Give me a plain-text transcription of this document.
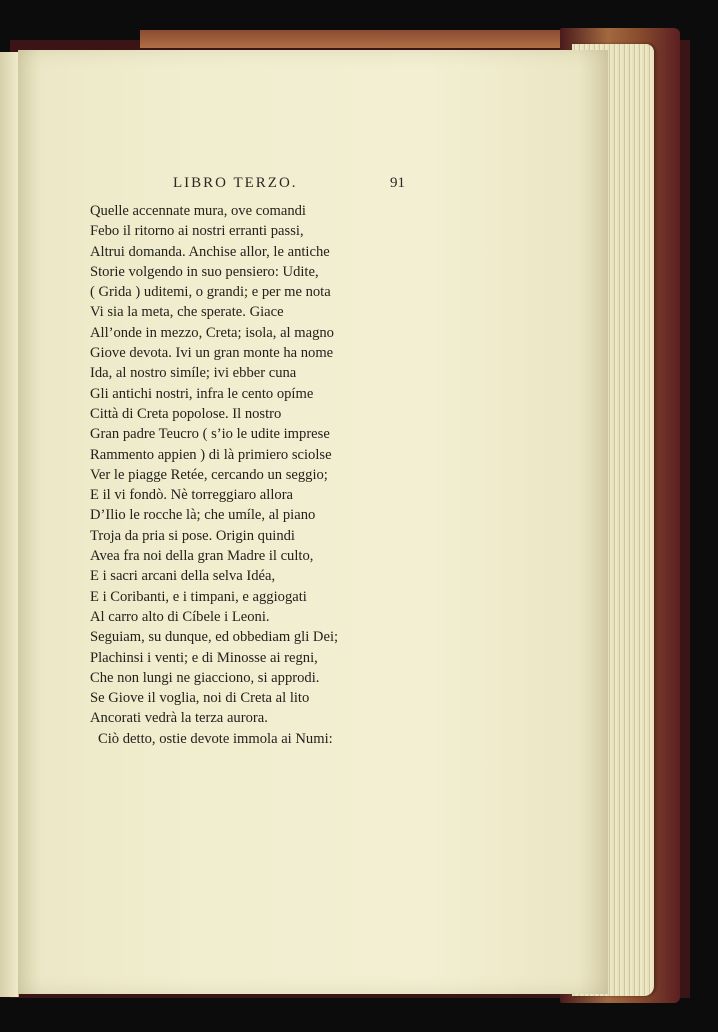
LIBRO TERZO.	91
Quelle accennate mura, ove comandi
Febo il ritorno ai nostri erranti passi,
Altrui domanda. Anchise allor, le antiche
Storie volgendo in suo pensiero: Udite,
( Grida ) uditemi, o grandi; e per me nota
Vi sia la meta, che sperate. Giace
All’onde in mezzo, Creta; isola, al magno
Giove devota. Ivi un gran monte ha nome
Ida, al nostro simíle; ivi ebber cuna
Gli antichi nostri, infra le cento opíme
Città di Creta popolose. Il nostro
Gran padre Teucro ( s’io le udite imprese
Rammento appien ) di là primiero sciolse
Ver le piagge Retée, cercando un seggio;
E il vi fondò. Nè torreggiaro allora
D’Ilio le rocche là; che umíle, al piano
Troja da pria si pose. Origin quindi
Avea fra noi della gran Madre il culto,
E i sacri arcani della selva Idéa,
E i Coribanti, e i timpani, e aggiogati
Al carro alto di Cíbele i Leoni.
Seguiam, su dunque, ed obbediam gli Dei;
Plachinsi i venti; e di Minosse ai regni,
Che non lungi ne giacciono, si approdi.
Se Giove il voglia, noi di Creta al lito
Ancorati vedrà la terza aurora.
Ciò detto, ostie devote immola ai Numi:
